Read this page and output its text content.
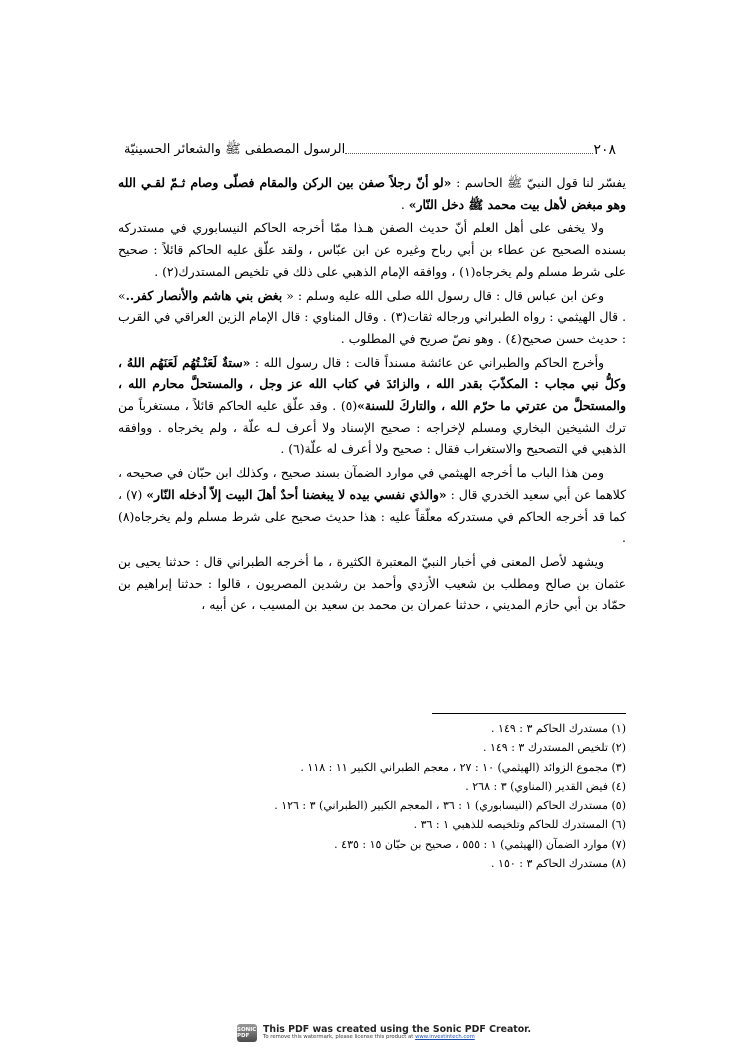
٢٠٨
الرسول المصطفى ﷺ والشعائر الحسينيّة

يفسّر لنا قول النبيّ ﷺ الحاسم : «لو أنّ رجلاً صفن بين الركن والمقام فصلّى وصام ثـمّ لقـي الله وهو مبغض لأهل بيت محمد ﷺ دخل النّار» .

ولا يخفى على أهل العلم أنّ حديث الصفن هـذا ممّا أخرجه الحاكم النيسابوري في مستدركه بسنده الصحيح عن عطاء بن أبي رباح وغيره عن ابن عبّاس ، ولقد علّق عليه الحاكم قائلاً : صحيح على شرط مسلم ولم يخرجاه(١) ، ووافقه الإمام الذهبي على ذلك في تلخيص المستدرك(٢) .

وعن ابن عباس قال : قال رسول الله صلى الله عليه وسلم : « بغض بني هاشم والأنصار كفر..» . قال الهيثمي : رواه الطبراني ورجاله ثقات(٣) . وقال المناوي : قال الإمام الزين العراقي في القرب : حديث حسن صحيح(٤) . وهو نصّ صريح في المطلوب .

وأخرج الحاكم والطبراني عن عائشة مسنداً قالت : قال رسول الله : «ستةٌ لَعَنْـتُهُم لَعَنَهُم اللهُ ، وكلُّ نبي مجاب : المكذّبَ بقدر الله ، والزائدَ في كتاب الله عز وجل ، والمستحلَّ محارم الله ، والمستحلَّ من عترتي ما حرّم الله ، والتاركَ للسنة»(٥) . وقد علّق عليه الحاكم قائلاً ، مستغرباً من ترك الشيخين البخاري ومسلم لإخراجه : صحيح الإسناد ولا أعرف لـه علّة ، ولم يخرجاه . ووافقه الذهبي في التصحيح والاستغراب فقال : صحيح ولا أعرف له علّة(٦) .

ومن هذا الباب ما أخرجه الهيثمي في موارد الضمآن بسند صحيح ، وكذلك ابن حبّان في صحيحه ، كلاهما عن أبي سعيد الخدري قال : «والذي نفسي بيده لا يبغضنا أحدٌ أهلَ البيت إلاّ أدخله النّار» (٧) ، كما قد أخرجه الحاكم في مستدركه معلّقاً عليه : هذا حديث صحيح على شرط مسلم ولم يخرجاه(٨) .

ويشهد لأصل المعنى في أخبار النبيّ المعتبرة الكثيرة ، ما أخرجه الطبراني قال : حدثنا يحيى بن عثمان بن صالح ومطلب بن شعيب الأزدي وأحمد بن رشدين المصريون ، قالوا : حدثنا إبراهيم بن حمّاد بن أبي حازم المديني ، حدثنا عمران بن محمد بن سعيد بن المسيب ، عن أبيه ،

(١) مستدرك الحاكم ٣ : ١٤٩ .
(٢) تلخيص المستدرك ٣ : ١٤٩ .
(٣) مجموع الزوائد (الهيثمي) ١٠ : ٢٧ ، معجم الطبراني الكبير ١١ : ١١٨ .
(٤) فيض القدير (المناوي) ٣ : ٢٦٨ .
(٥) مستدرك الحاكم (النيسابوري) ١ : ٣٦ ، المعجم الكبير (الطبراني) ٣ : ١٢٦ .
(٦) المستدرك للحاكم وتلخيصه للذهبي ١ : ٣٦ .
(٧) موارد الضمآن (الهيثمي) ١ : ٥٥٥ ، صحيح بن حبّان ١٥ : ٤٣٥ .
(٨) مستدرك الحاكم ٣ : ١٥٠ .
SONIC PDF
This PDF was created using the Sonic PDF Creator.
To remove this watermark, please license this product at www.investintech.com
